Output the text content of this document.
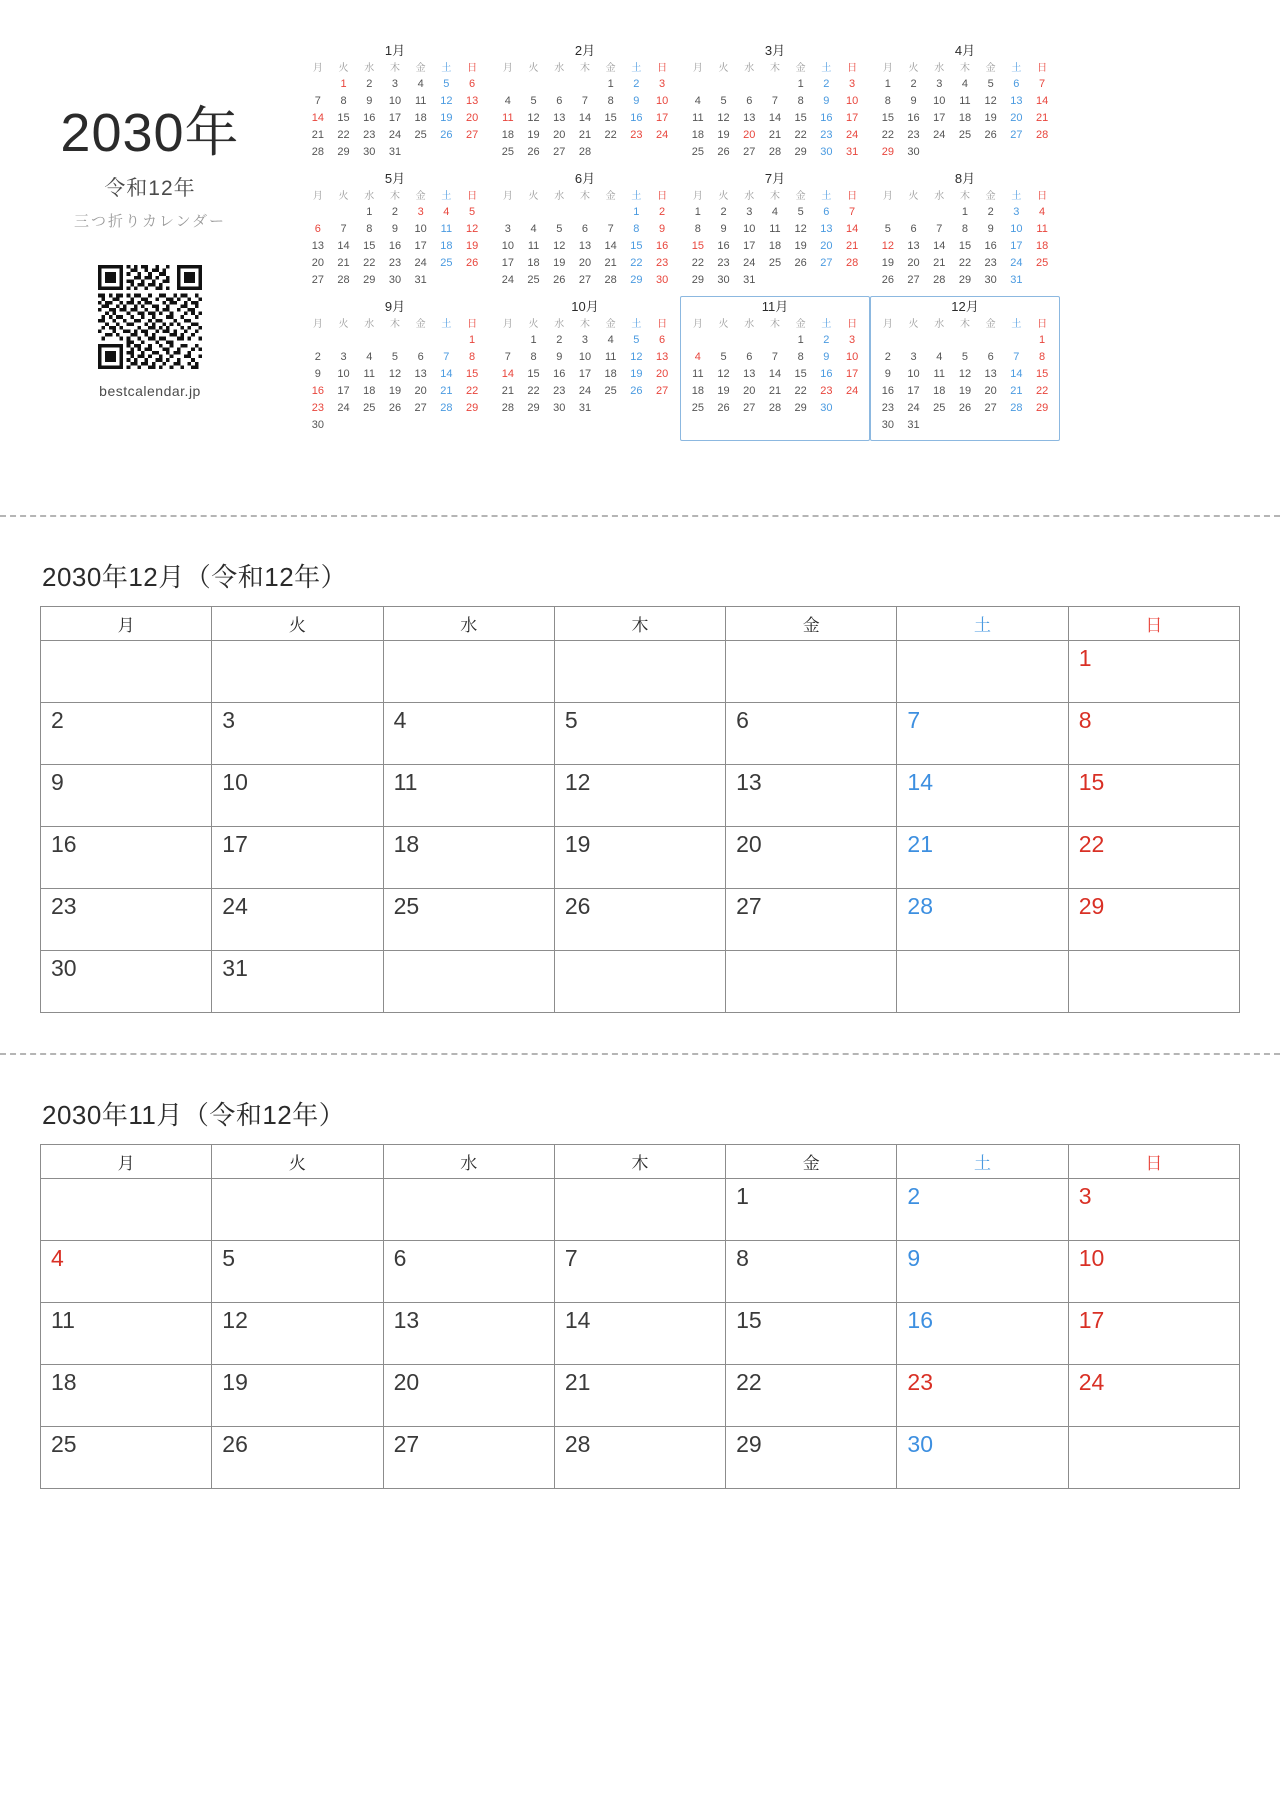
2030年
令和12年
三つ折りカレンダー
bestcalendar.jp
1月
月	火	水	木	金	土	日
	1	2	3	4	5	6
7	8	9	10	11	12	13
14	15	16	17	18	19	20
21	22	23	24	25	26	27
28	29	30	31			
2月
月	火	水	木	金	土	日
				1	2	3
4	5	6	7	8	9	10
11	12	13	14	15	16	17
18	19	20	21	22	23	24
25	26	27	28			
3月
月	火	水	木	金	土	日
				1	2	3
4	5	6	7	8	9	10
11	12	13	14	15	16	17
18	19	20	21	22	23	24
25	26	27	28	29	30	31
4月
月	火	水	木	金	土	日
1	2	3	4	5	6	7
8	9	10	11	12	13	14
15	16	17	18	19	20	21
22	23	24	25	26	27	28
29	30					
5月
月	火	水	木	金	土	日
		1	2	3	4	5
6	7	8	9	10	11	12
13	14	15	16	17	18	19
20	21	22	23	24	25	26
27	28	29	30	31		
6月
月	火	水	木	金	土	日
					1	2
3	4	5	6	7	8	9
10	11	12	13	14	15	16
17	18	19	20	21	22	23
24	25	26	27	28	29	30
7月
月	火	水	木	金	土	日
1	2	3	4	5	6	7
8	9	10	11	12	13	14
15	16	17	18	19	20	21
22	23	24	25	26	27	28
29	30	31				
8月
月	火	水	木	金	土	日
			1	2	3	4
5	6	7	8	9	10	11
12	13	14	15	16	17	18
19	20	21	22	23	24	25
26	27	28	29	30	31	
9月
月	火	水	木	金	土	日
						1
2	3	4	5	6	7	8
9	10	11	12	13	14	15
16	17	18	19	20	21	22
23	24	25	26	27	28	29
30						
10月
月	火	水	木	金	土	日
	1	2	3	4	5	6
7	8	9	10	11	12	13
14	15	16	17	18	19	20
21	22	23	24	25	26	27
28	29	30	31			
11月
月	火	水	木	金	土	日
				1	2	3
4	5	6	7	8	9	10
11	12	13	14	15	16	17
18	19	20	21	22	23	24
25	26	27	28	29	30	
12月
月	火	水	木	金	土	日
						1
2	3	4	5	6	7	8
9	10	11	12	13	14	15
16	17	18	19	20	21	22
23	24	25	26	27	28	29
30	31					
2030年12月（令和12年）
月	火	水	木	金	土	日
						1
2	3	4	5	6	7	8
9	10	11	12	13	14	15
16	17	18	19	20	21	22
23	24	25	26	27	28	29
30	31					
2030年11月（令和12年）
月	火	水	木	金	土	日
				1	2	3
4	5	6	7	8	9	10
11	12	13	14	15	16	17
18	19	20	21	22	23	24
25	26	27	28	29	30	
